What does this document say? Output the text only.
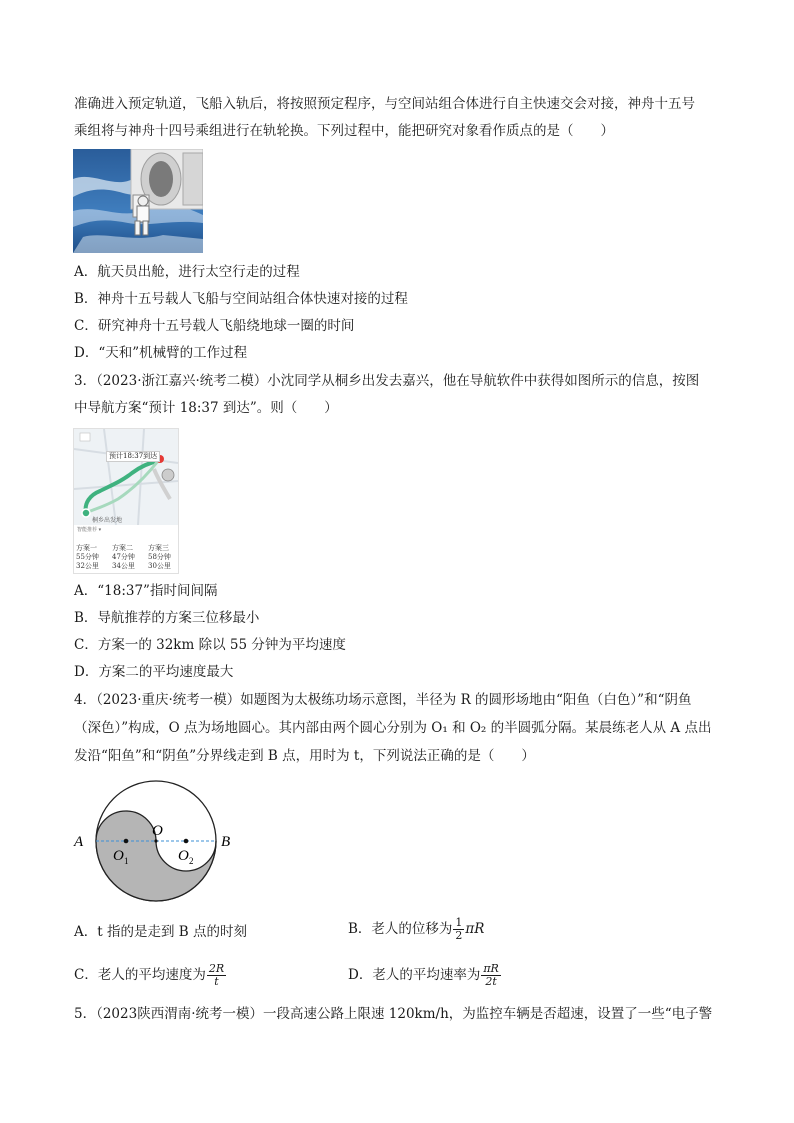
准确进入预定轨道，飞船入轨后，将按照预定程序，与空间站组合体进行自主快速交会对接，神舟十五号
乘组将与神舟十四号乘组进行在轨轮换。下列过程中，能把研究对象看作质点的是（　　）
A．航天员出舱，进行太空行走的过程
B．神舟十五号载人飞船与空间站组合体快速对接的过程
C．研究神舟十五号载人飞船绕地球一圈的时间
D．“天和”机械臂的工作过程
3．（2023·浙江嘉兴·统考二模）小沈同学从桐乡出发去嘉兴，他在导航软件中获得如图所示的信息，按图
中导航方案“预计 18:37 到达”。则（　　）
预计18:37到达
桐乡出发地
智能推荐 ▾
方案一
55分钟
32公里
方案二
47分钟
34公里
方案三
58分钟
30公里
A．“18:37”指时间间隔
B．导航推荐的方案三位移最小
C．方案一的 32km 除以 55 分钟为平均速度
D．方案二的平均速度最大
4．（2023·重庆·统考一模）如题图为太极练功场示意图，半径为 R 的圆形场地由“阳鱼（白色）”和“阴鱼
（深色）”构成，O 点为场地圆心。其内部由两个圆心分别为 O₁ 和 O₂ 的半圆弧分隔。某晨练老人从 A 点出
发沿“阳鱼”和“阴鱼”分界线走到 B 点，用时为 t，下列说法正确的是（　　）
A	B
O
O 1	O 2
A．t 指的是走到 B 点的时刻	B．老人的位移为 $\frac{1}{2}$ πR
C．老人的平均速度为 $\frac{2R}{t}$	D．老人的平均速率为 $\frac{\pi R}{2t}$
5．（2023陕西渭南·统考一模）一段高速公路上限速 120km/h，为监控车辆是否超速，设置了一些“电子警
